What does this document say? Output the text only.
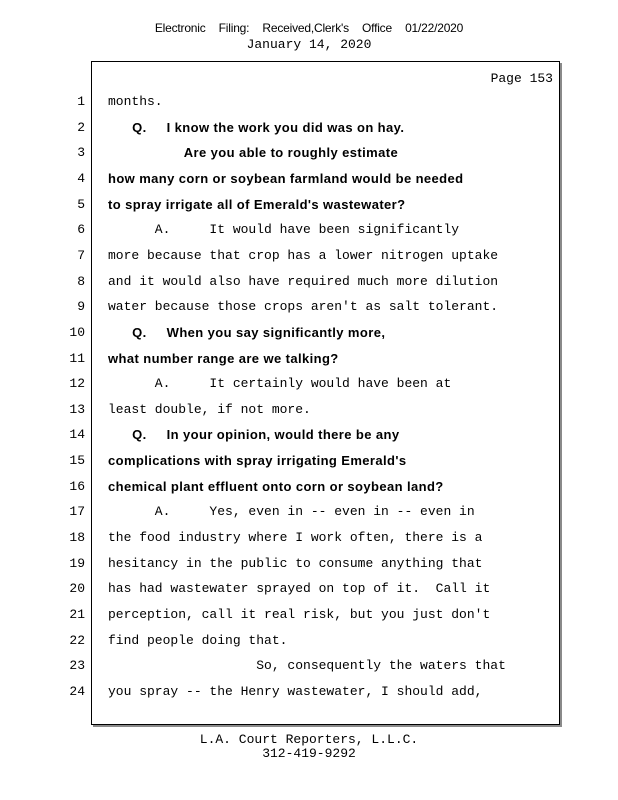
Electronic Filing: Received,Clerk's Office 01/22/2020
January 14, 2020
Page 153
1 months.
2 Q.     I know the work you did was on hay.
3 Are you able to roughly estimate
4 how many corn or soybean farmland would be needed
5 to spray irrigate all of Emerald's wastewater?
6 A.     It would have been significantly
7 more because that crop has a lower nitrogen uptake
8 and it would also have required much more dilution
9 water because those crops aren't as salt tolerant.
10 Q.     When you say significantly more,
11 what number range are we talking?
12 A.     It certainly would have been at
13 least double, if not more.
14 Q.     In your opinion, would there be any
15 complications with spray irrigating Emerald's
16 chemical plant effluent onto corn or soybean land?
17 A.     Yes, even in -- even in -- even in
18 the food industry where I work often, there is a
19 hesitancy in the public to consume anything that
20 has had wastewater sprayed on top of it.  Call it
21 perception, call it real risk, but you just don't
22 find people doing that.
23 So, consequently the waters that
24 you spray -- the Henry wastewater, I should add,
L.A. Court Reporters, L.L.C.
312-419-9292
